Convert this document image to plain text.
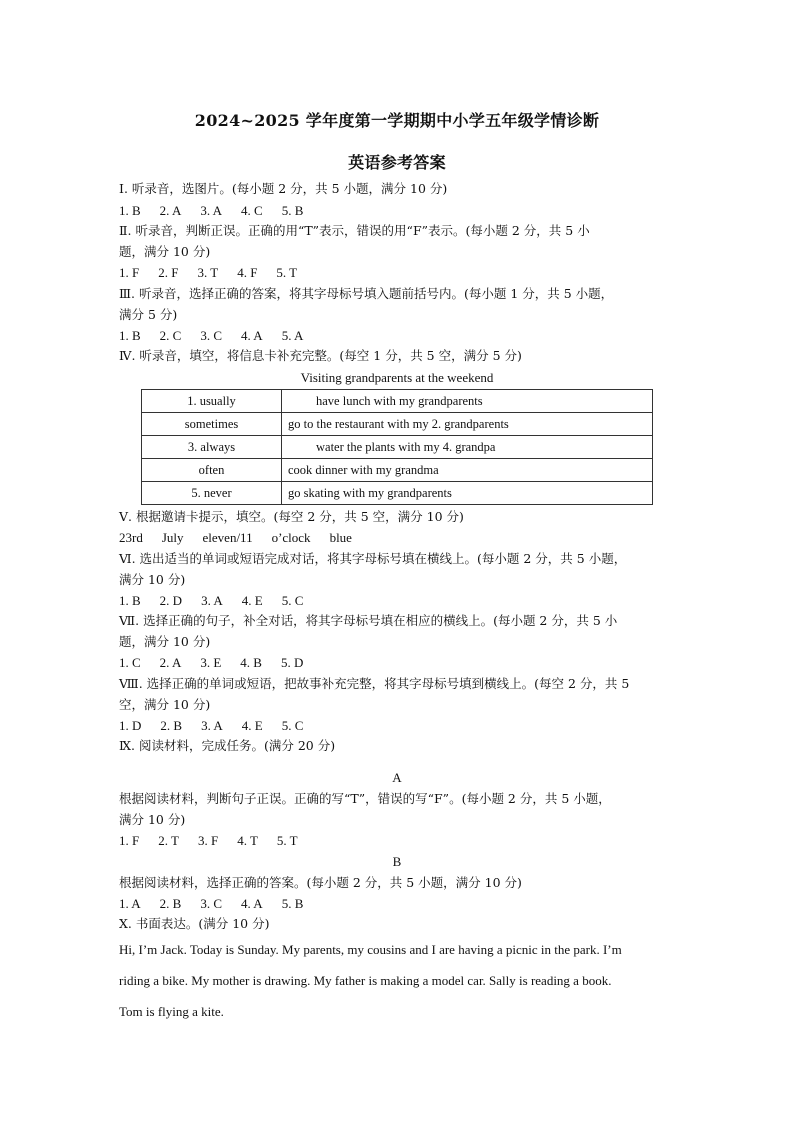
2024~2025 学年度第一学期期中小学五年级学情诊断
英语参考答案
Ⅰ. 听录音，选图片。(每小题 2 分，共 5 小题，满分 10 分)
1. B 2. A 3. A 4. C 5. B
Ⅱ. 听录音，判断正误。正确的用“T”表示，错误的用“F”表示。(每小题 2 分，共 5 小
题，满分 10 分)
1. F 2. F 3. T 4. F 5. T
Ⅲ. 听录音，选择正确的答案，将其字母标号填入题前括号内。(每小题 1 分，共 5 小题，
满分 5 分)
1. B 2. C 3. C 4. A 5. A
Ⅳ. 听录音，填空，将信息卡补充完整。(每空 1 分，共 5 空，满分 5 分)
Visiting grandparents at the weekend
1. usually	have lunch with my grandparents
sometimes	go to the restaurant with my 2. grandparents
3. always	water the plants with my 4. grandpa
often	cook dinner with my grandma
5. never	go skating with my grandparents
Ⅴ. 根据邀请卡提示，填空。(每空 2 分，共 5 空，满分 10 分)
23rd July eleven/11 o’clock blue
Ⅵ. 选出适当的单词或短语完成对话，将其字母标号填在横线上。(每小题 2 分，共 5 小题，
满分 10 分)
1. B 2. D 3. A 4. E 5. C
Ⅶ. 选择正确的句子，补全对话，将其字母标号填在相应的横线上。(每小题 2 分，共 5 小
题，满分 10 分)
1. C 2. A 3. E 4. B 5. D
Ⅷ. 选择正确的单词或短语，把故事补充完整，将其字母标号填到横线上。(每空 2 分，共 5
空，满分 10 分)
1. D 2. B 3. A 4. E 5. C
Ⅸ. 阅读材料，完成任务。(满分 20 分)
A
根据阅读材料，判断句子正误。正确的写“T”，错误的写“F”。(每小题 2 分，共 5 小题，
满分 10 分)
1. F 2. T 3. F 4. T 5. T
B
根据阅读材料，选择正确的答案。(每小题 2 分，共 5 小题，满分 10 分)
1. A 2. B 3. C 4. A 5. B
X. 书面表达。(满分 10 分)
Hi, I’m Jack. Today is Sunday. My parents, my cousins and I are having a picnic in the park. I’m
riding a bike. My mother is drawing. My father is making a model car. Sally is reading a book.
Tom is flying a kite.
